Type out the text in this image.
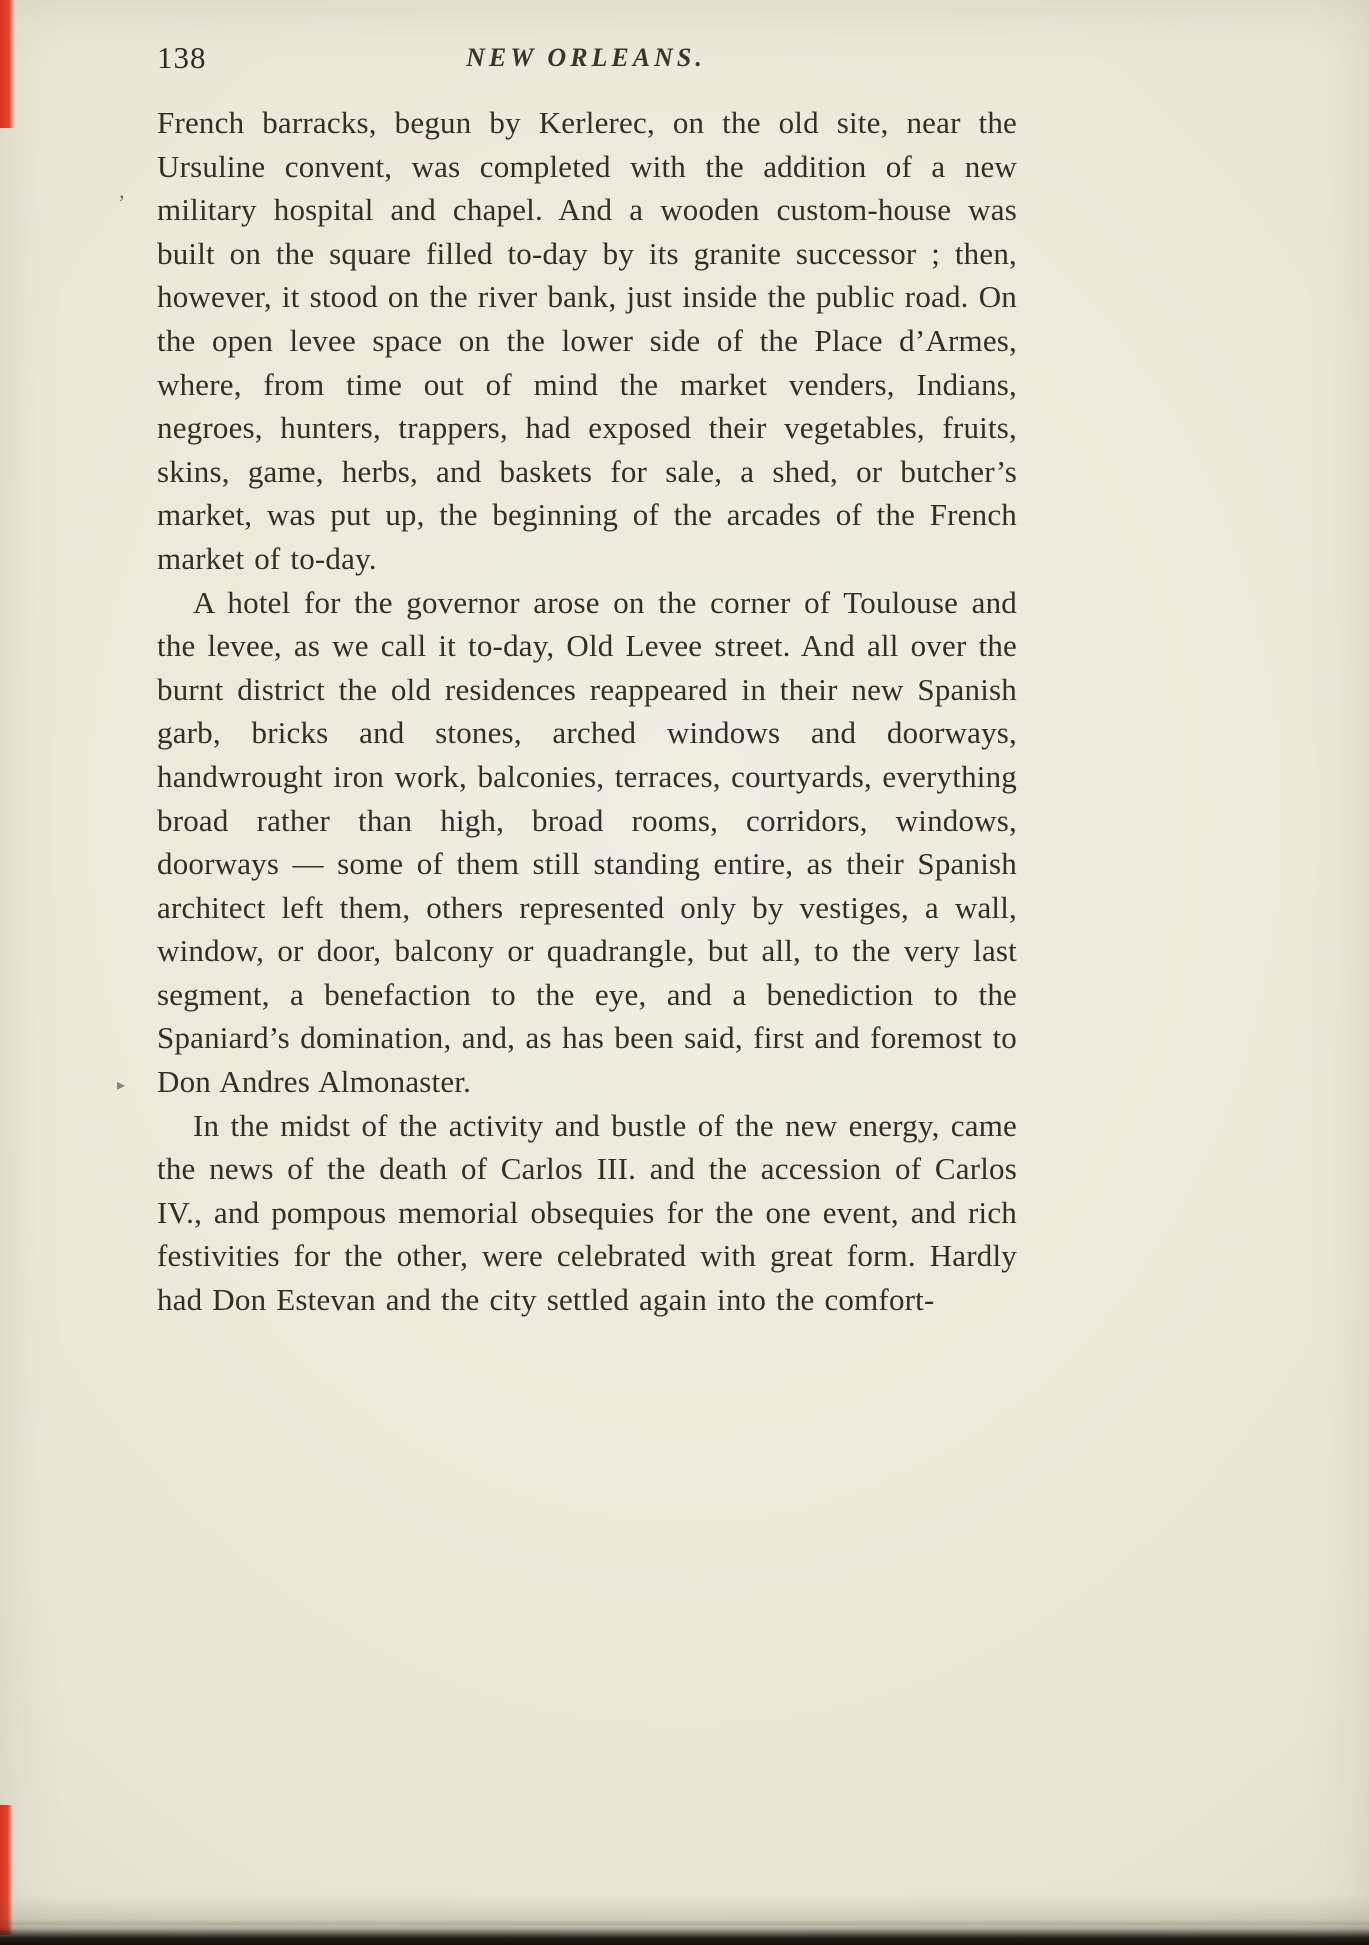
138	NEW ORLEANS.
’
▸

French barracks, begun by Kerlerec, on the old site, near the Ursuline convent, was completed with the addition of a new military hospital and chapel. And a wooden custom-house was built on the square filled to-day by its granite successor ; then, however, it stood on the river bank, just inside the public road. On the open levee space on the lower side of the Place d’Armes, where, from time out of mind the market venders, Indians, negroes, hunters, trappers, had exposed their vegetables, fruits, skins, game, herbs, and baskets for sale, a shed, or butcher’s market, was put up, the beginning of the arcades of the French market of to-day.

A hotel for the governor arose on the corner of Toulouse and the levee, as we call it to-day, Old Levee street. And all over the burnt district the old residences reappeared in their new Spanish garb, bricks and stones, arched windows and doorways, handwrought iron work, balconies, terraces, courtyards, everything broad rather than high, broad rooms, corridors, windows, doorways — some of them still standing entire, as their Spanish architect left them, others represented only by vestiges, a wall, window, or door, balcony or quadrangle, but all, to the very last segment, a benefaction to the eye, and a benediction to the Spaniard’s domination, and, as has been said, first and foremost to Don Andres Almonaster.

In the midst of the activity and bustle of the new energy, came the news of the death of Carlos III. and the accession of Carlos IV., and pompous memorial obsequies for the one event, and rich festivities for the other, were celebrated with great form. Hardly had Don Estevan and the city settled again into the comfort-
